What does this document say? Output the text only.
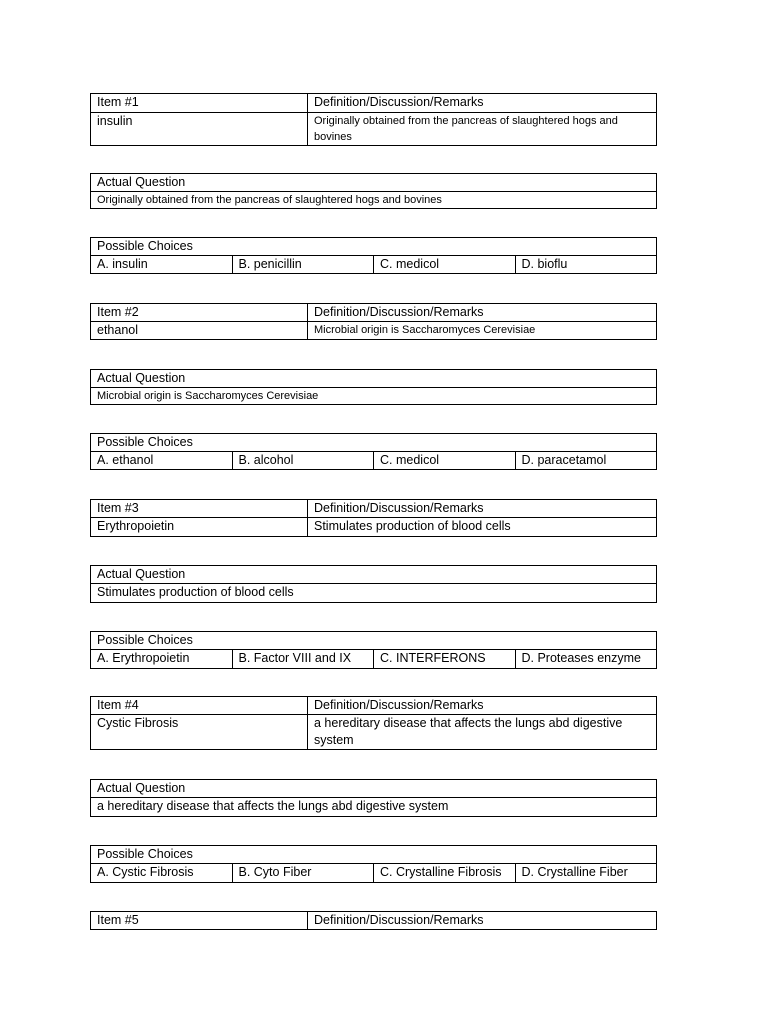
Item #1	Definition/Discussion/Remarks
insulin	Originally obtained from the pancreas of slaughtered hogs and bovines
Actual Question
Originally obtained from the pancreas of slaughtered hogs and bovines
Possible Choices
A. insulin	B. penicillin	C. medicol	D. bioflu
Item #2	Definition/Discussion/Remarks
ethanol	Microbial origin is Saccharomyces Cerevisiae
Actual Question
Microbial origin is Saccharomyces Cerevisiae
Possible Choices
A. ethanol	B. alcohol	C. medicol	D. paracetamol
Item #3	Definition/Discussion/Remarks
Erythropoietin	Stimulates production of blood cells
Actual Question
Stimulates production of blood cells
Possible Choices
A. Erythropoietin	B. Factor VIII and IX	C. INTERFERONS	D. Proteases enzyme
Item #4	Definition/Discussion/Remarks
Cystic Fibrosis	a hereditary disease that affects the lungs abd digestive system
Actual Question
a hereditary disease that affects the lungs abd digestive system
Possible Choices
A. Cystic Fibrosis	B. Cyto Fiber	C. Crystalline Fibrosis	D. Crystalline Fiber
Item #5	Definition/Discussion/Remarks
